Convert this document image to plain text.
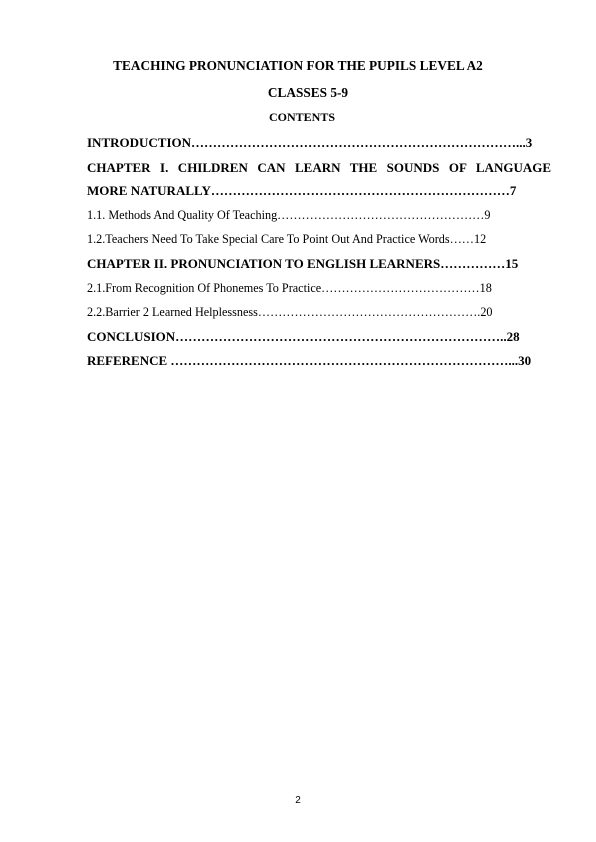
TEACHING PRONUNCIATION FOR THE PUPILS LEVEL A2
CLASSES 5-9
CONTENTS
INTRODUCTION…………………………………………………………………...3
CHAPTER I. CHILDREN CAN LEARN THE SOUNDS OF LANGUAGE
MORE NATURALLY……………………………………………………………7
1.1. Methods And Quality Of Teaching……………………………………………9
1.2.Teachers Need To Take Special Care To Point Out And Practice Words……12
CHAPTER II. PRONUNCIATION TO ENGLISH LEARNERS……………15
2.1.From Recognition Of Phonemes To Practice…………………………………18
2.2.Barrier 2 Learned Helplessness……………………………………………….20
CONCLUSION…………………………………………………………………..28
REFERENCE ……………………………………………………………………...30
2
